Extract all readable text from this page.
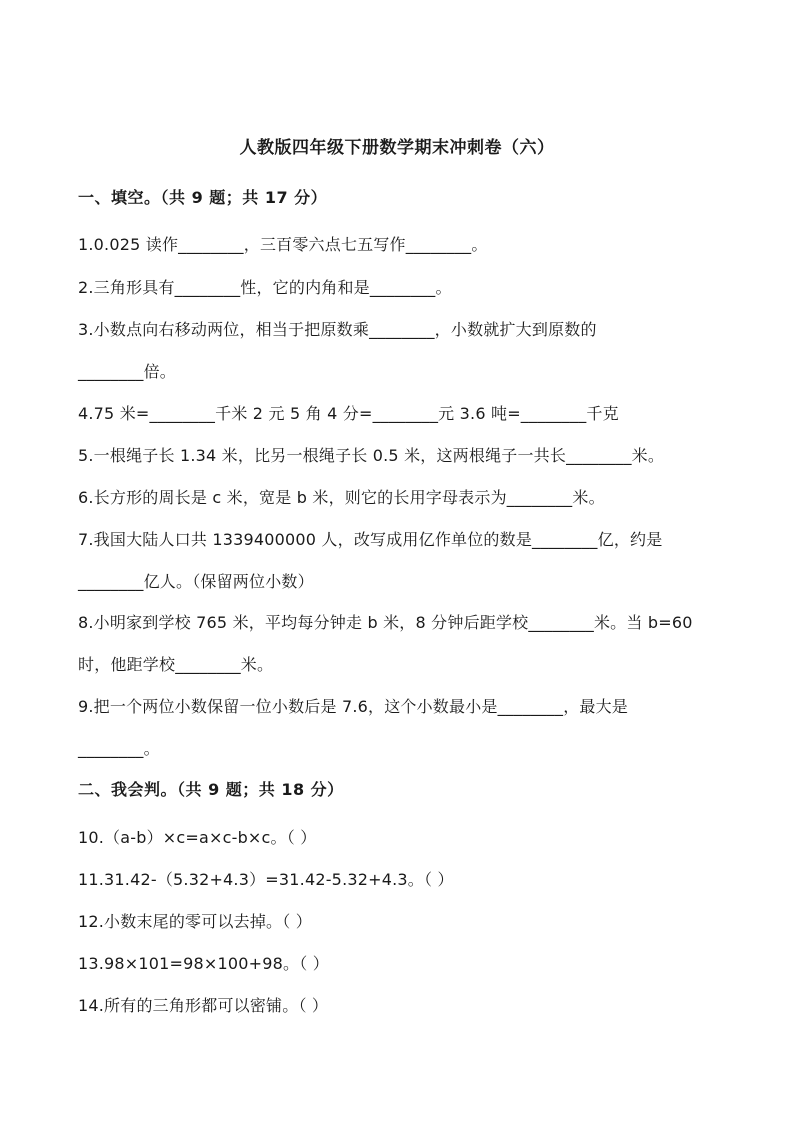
人教版四年级下册数学期末冲刺卷（六）
一、填空。（共 9 题；共 17 分）
1.0.025 读作________，三百零六点七五写作________。
2.三角形具有________性，它的内角和是________。
3.小数点向右移动两位，相当于把原数乘________，小数就扩大到原数的
________倍。
4.75 米=________千米 2 元 5 角 4 分=________元 3.6 吨=________千克
5.一根绳子长 1.34 米，比另一根绳子长 0.5 米，这两根绳子一共长________米。
6.长方形的周长是 c 米，宽是 b 米，则它的长用字母表示为________米。
7.我国大陆人口共 1339400000 人，改写成用亿作单位的数是________亿，约是
________亿人。（保留两位小数）
8.小明家到学校 765 米，平均每分钟走 b 米，8 分钟后距学校________米。当 b=60
时，他距学校________米。
9.把一个两位小数保留一位小数后是 7.6，这个小数最小是________，最大是
________。
二、我会判。（共 9 题；共 18 分）
10.（a-b）×c=a×c-b×c。（ ）
11.31.42-（5.32+4.3）=31.42-5.32+4.3。（ ）
12.小数末尾的零可以去掉。（ ）
13.98×101=98×100+98。（ ）
14.所有的三角形都可以密铺。（ ）
